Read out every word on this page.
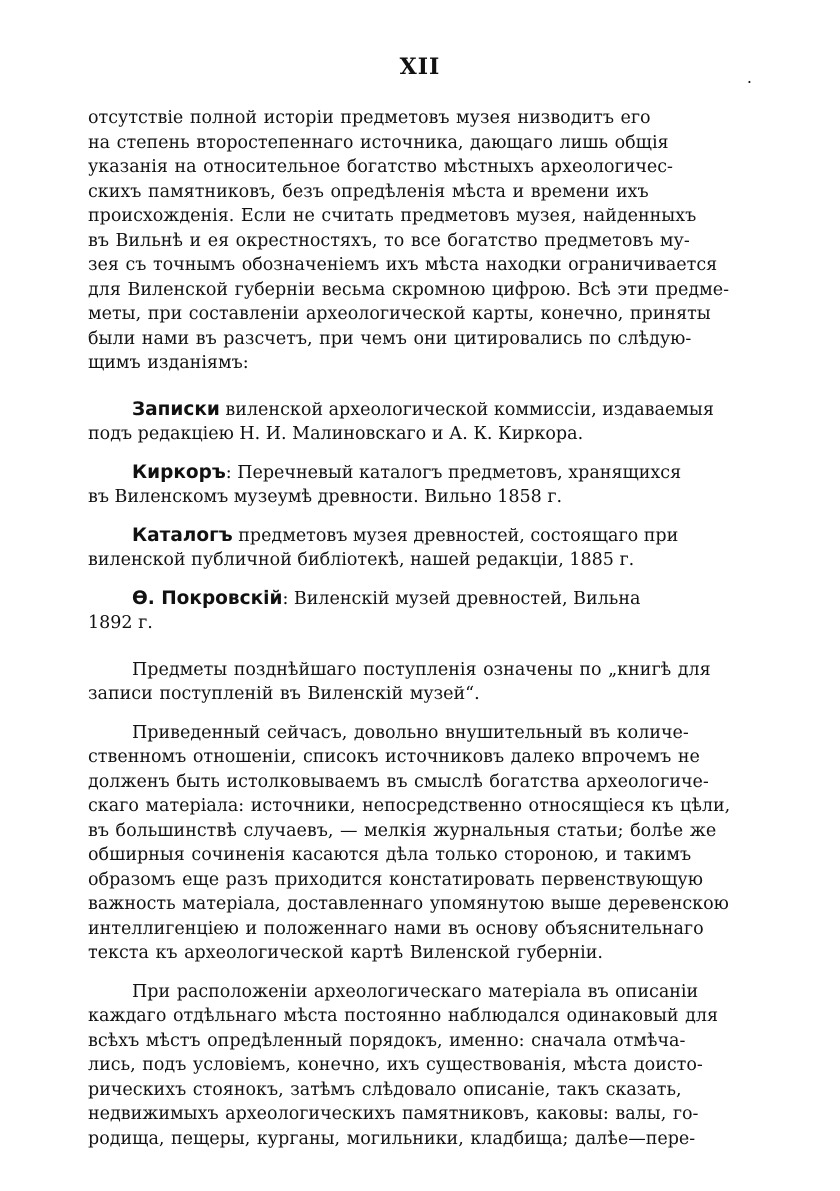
XII	.

отсутствіе полной исторіи предметовъ музея низводитъ его

на степень второстепеннаго источника, дающаго лишь общія

указанія на относительное богатство мѣстныхъ археологичес-

скихъ памятниковъ, безъ опредѣленія мѣста и времени ихъ

происхожденія. Если не считать предметовъ музея, найденныхъ

въ Вильнѣ и ея окрестностяхъ, то все богатство предметовъ му-

зея съ точнымъ обозначеніемъ ихъ мѣста находки ограничивается

для Виленской губерніи весьма скромною цифрою. Всѣ эти предме-

меты, при составленіи археологической карты, конечно, приняты

были нами въ разсчетъ, при чемъ они цитировались по слѣдую-

щимъ изданіямъ:

Записки виленской археологической коммиссіи, издаваемыя

подъ редакціею Н. И. Малиновскаго и А. К. Киркора.

Киркоръ: Перечневый каталогъ предметовъ, хранящихся

въ Виленскомъ музеумѣ древности. Вильно 1858 г.

Каталогъ предметовъ музея древностей, состоящаго при

виленской публичной библіотекѣ, нашей редакціи, 1885 г.

Ѳ. Покровскій: Виленскій музей древностей, Вильна

1892 г.

Предметы позднѣйшаго поступленія означены по „книгѣ для

записи поступленій въ Виленскій музей“.

Приведенный сейчасъ, довольно внушительный въ количе-

ственномъ отношеніи, списокъ источниковъ далеко впрочемъ не

долженъ быть истолковываемъ въ смыслѣ богатства археологиче-

скаго матеріала: источники, непосредственно относящіеся къ цѣли,

въ большинствѣ случаевъ, — мелкія журнальныя статьи; болѣе же

обширныя сочиненія касаются дѣла только стороною, и такимъ

образомъ еще разъ приходится констатировать первенствующую

важность матеріала, доставленнаго упомянутою выше деревенскою

интеллигенціею и положеннаго нами въ основу объяснительнаго

текста къ археологической картѣ Виленской губерніи.

При расположеніи археологическаго матеріала въ описаніи

каждаго отдѣльнаго мѣста постоянно наблюдался одинаковый для

всѣхъ мѣстъ опредѣленный порядокъ, именно: сначала отмѣча-

лись, подъ условіемъ, конечно, ихъ существованія, мѣста доисто-

рическихъ стоянокъ, затѣмъ слѣдовало описаніе, такъ сказать,

недвижимыхъ археологическихъ памятниковъ, каковы: валы, го-

родища, пещеры, курганы, могильники, кладбища; далѣе—пере-
